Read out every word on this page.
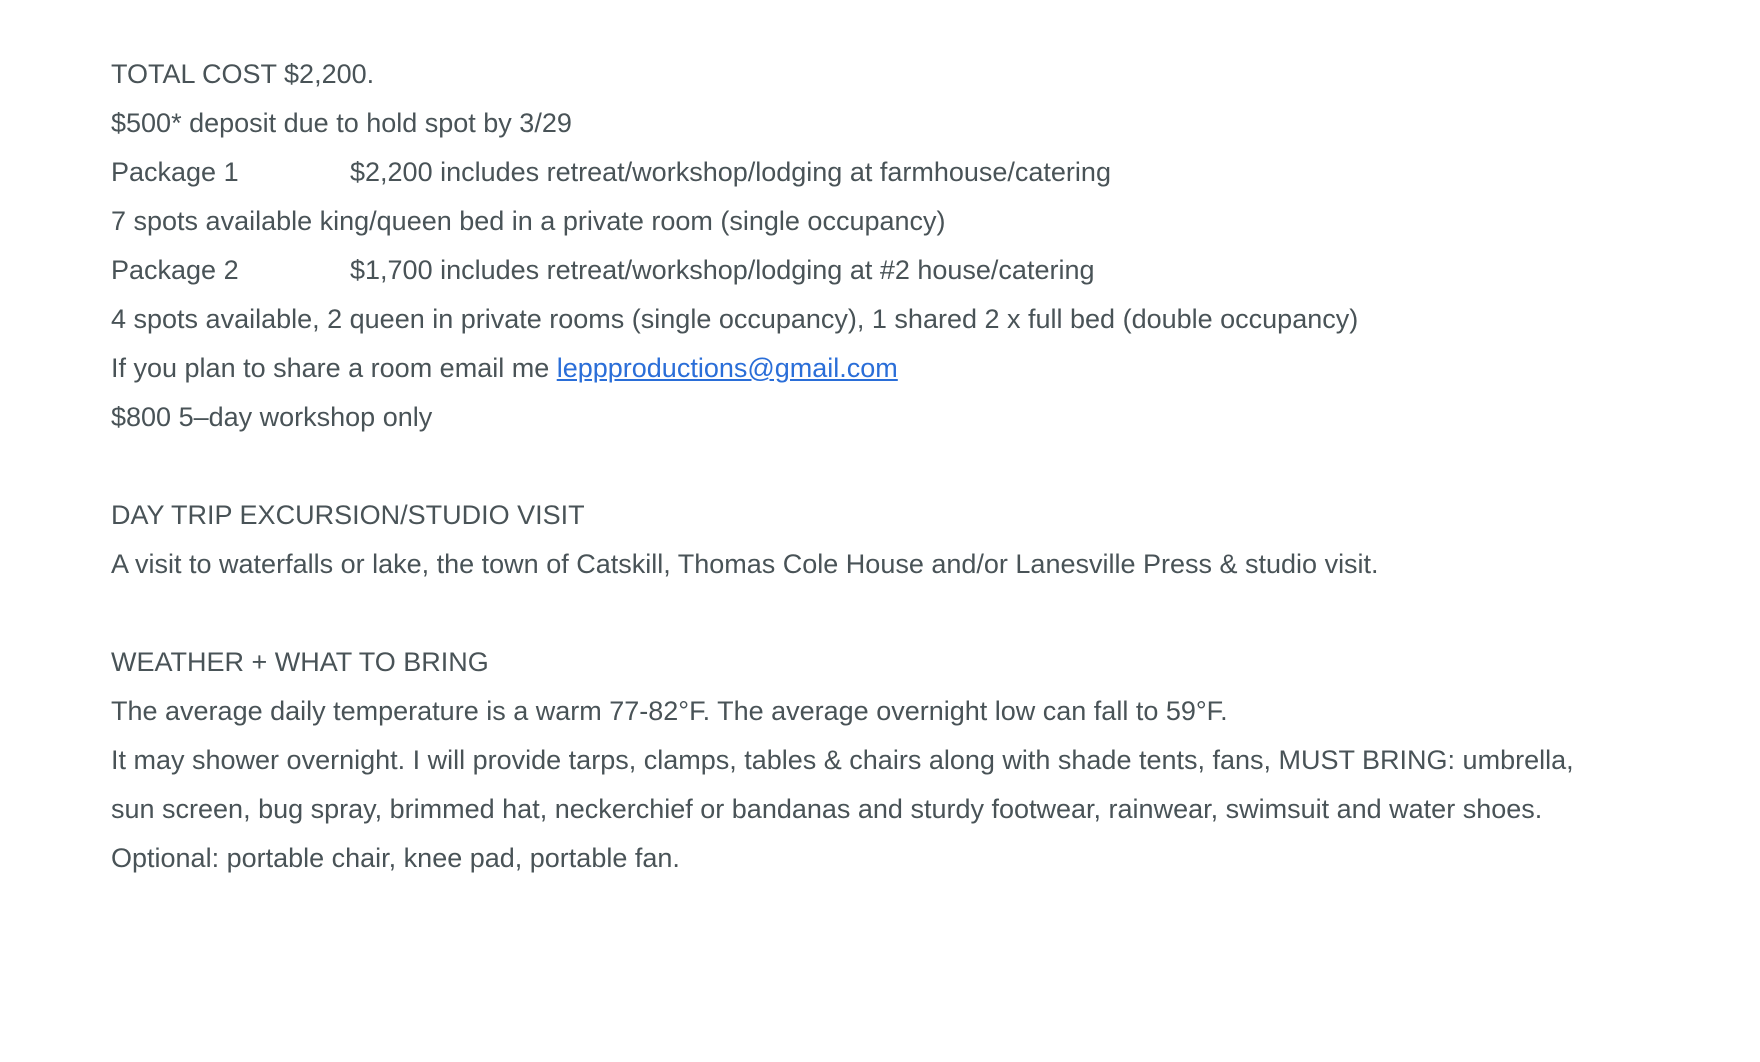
TOTAL COST $2,200.
$500* deposit due to hold spot by 3/29
Package 1	$2,200 includes retreat/workshop/lodging at farmhouse/catering
7 spots available king/queen bed in a private room (single occupancy)
Package 2	$1,700 includes retreat/workshop/lodging at #2 house/catering
4 spots available, 2 queen in private rooms (single occupancy), 1 shared 2 x full bed (double occupancy)
If you plan to share a room email me leppproductions@gmail.com
$800 5–day workshop only
DAY TRIP EXCURSION/STUDIO VISIT
A visit to waterfalls or lake, the town of Catskill, Thomas Cole House and/or Lanesville Press & studio visit.
WEATHER + WHAT TO BRING
The average daily temperature is a warm 77-82°F. The average overnight low can fall to 59°F.
It may shower overnight. I will provide tarps, clamps, tables & chairs along with shade tents, fans, MUST BRING: umbrella,
sun screen, bug spray, brimmed hat, neckerchief or bandanas and sturdy footwear, rainwear, swimsuit and water shoes.
Optional: portable chair, knee pad, portable fan.
